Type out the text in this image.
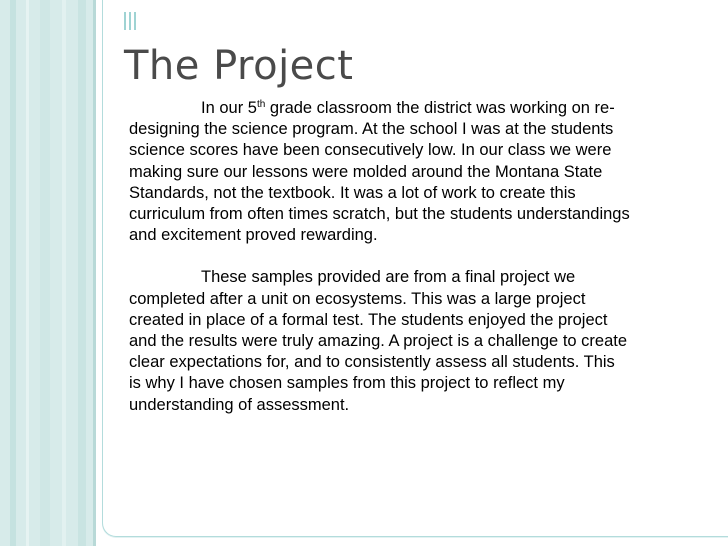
The Project

In our 5th grade classroom the district was working on re-
designing the science program. At the school I was at the students
science scores have been consecutively low. In our class we were
making sure our lessons were molded around the Montana State
Standards, not the textbook. It was a lot of work to create this
curriculum from often times scratch, but the students understandings
and excitement proved rewarding.

These samples provided are from a final project we
completed after a unit on ecosystems. This was a large project
created in place of a formal test. The students enjoyed the project
and the results were truly amazing. A project is a challenge to create
clear expectations for, and to consistently assess all students. This
is why I have chosen samples from this project to reflect my
understanding of assessment.
